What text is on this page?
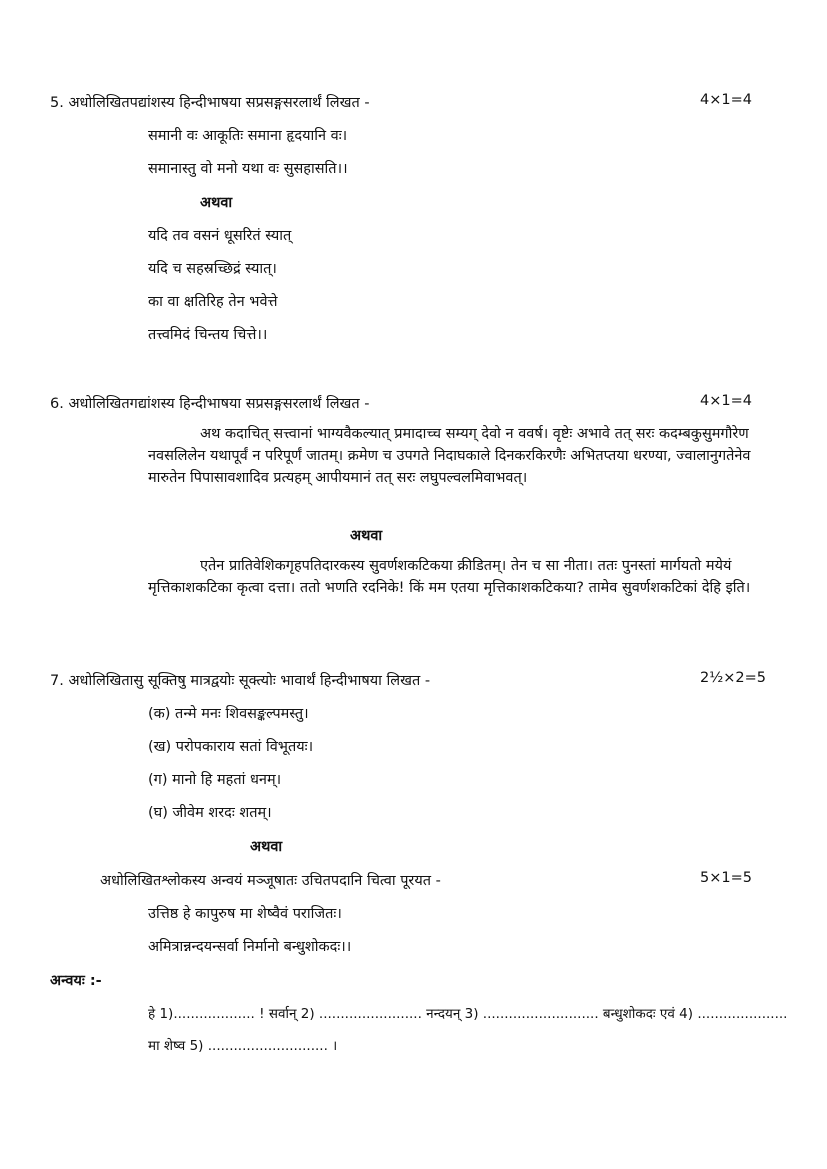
5. अधोलिखितपद्यांशस्य हिन्दीभाषया सप्रसङ्गसरलार्थं लिखत -	4×1=4
समानी वः आकूतिः समाना हृदयानि वः।
समानास्तु वो मनो यथा वः सुसहासति।।
अथवा
यदि तव वसनं धूसरितं स्यात्
यदि च सहस्रच्छिद्रं स्यात्।
का वा क्षतिरिह तेन भवेत्ते
तत्त्वमिदं चिन्तय चित्ते।।
6. अधोलिखितगद्यांशस्य हिन्दीभाषया सप्रसङ्गसरलार्थं लिखत -	4×1=4
अथ कदाचित् सत्त्वानां भाग्यवैकल्यात् प्रमादाच्च सम्यग् देवो न ववर्ष। वृष्टेः अभावे तत् सरः कदम्बकुसुमगौरेण नवसलिलेन यथापूर्वं न परिपूर्णं जातम्। क्रमेण च उपगते निदाघकाले दिनकरकिरणैः अभितप्तया धरण्या, ज्वालानुगतेनेव मारुतेन पिपासावशादिव प्रत्यहम् आपीयमानं तत् सरः लघुपल्वलमिवाभवत्।
अथवा
एतेन प्रातिवेशिकगृहपतिदारकस्य सुवर्णशकटिकया क्रीडितम्। तेन च सा नीता। ततः पुनस्तां मार्गयतो मयेयं मृत्तिकाशकटिका कृत्वा दत्ता। ततो भणति रदनिके! किं मम एतया मृत्तिकाशकटिकया? तामेव सुवर्णशकटिकां देहि इति।
7. अधोलिखितासु सूक्तिषु मात्रद्वयोः सूक्त्योः भावार्थं हिन्दीभाषया लिखत -	2½×2=5
(क) तन्मे मनः शिवसङ्कल्पमस्तु।
(ख) परोपकाराय सतां विभूतयः।
(ग) मानो हि महतां धनम्।
(घ) जीवेम शरदः शतम्।
अथवा
अधोलिखितश्लोकस्य अन्वयं मञ्जूषातः उचितपदानि चित्वा पूरयत -	5×1=5
उत्तिष्ठ हे कापुरुष मा शेष्वैवं पराजितः।
अमित्रान्नन्दयन्सर्वा निर्मानो बन्धुशोकदः।।
अन्वयः :-
हे 1)................... ! सर्वान् 2) ........................ नन्दयन् 3) ........................... बन्धुशोकदः एवं 4) .....................
मा शेष्व 5) ............................ ।
